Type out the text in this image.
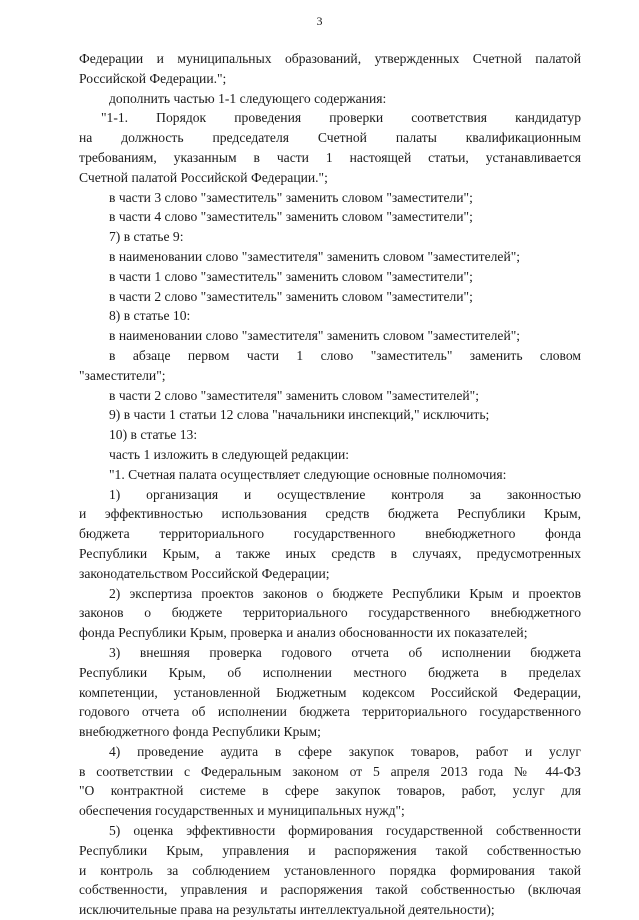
3
Федерации и муниципальных образований, утвержденных Счетной палатой
Российской Федерации.";
дополнить частью 1-1 следующего содержания:
"1-1. Порядок проведения проверки соответствия кандидатур
на должность председателя Счетной палаты квалификационным
требованиям, указанным в части 1 настоящей статьи, устанавливается
Счетной палатой Российской Федерации.";
в части 3 слово "заместитель" заменить словом "заместители";
в части 4 слово "заместитель" заменить словом "заместители";
7) в статье 9:
в наименовании слово "заместителя" заменить словом "заместителей";
в части 1 слово "заместитель" заменить словом "заместители";
в части 2 слово "заместитель" заменить словом "заместители";
8) в статье 10:
в наименовании слово "заместителя" заменить словом "заместителей";
в абзаце первом части 1 слово "заместитель" заменить словом
"заместители";
в части 2 слово "заместителя" заменить словом "заместителей";
9) в части 1 статьи 12 слова "начальники инспекций," исключить;
10) в статье 13:
часть 1 изложить в следующей редакции:
"1. Счетная палата осуществляет следующие основные полномочия:
1) организация и осуществление контроля за законностью
и эффективностью использования средств бюджета Республики Крым,
бюджета территориального государственного внебюджетного фонда
Республики Крым, а также иных средств в случаях, предусмотренных
законодательством Российской Федерации;
2) экспертиза проектов законов о бюджете Республики Крым и проектов
законов о бюджете территориального государственного внебюджетного
фонда Республики Крым, проверка и анализ обоснованности их показателей;
3) внешняя проверка годового отчета об исполнении бюджета
Республики Крым, об исполнении местного бюджета в пределах
компетенции, установленной Бюджетным кодексом Российской Федерации,
годового отчета об исполнении бюджета территориального государственного
внебюджетного фонда Республики Крым;
4) проведение аудита в сфере закупок товаров, работ и услуг
в соответствии с Федеральным законом от 5 апреля 2013 года № 44-ФЗ
"О контрактной системе в сфере закупок товаров, работ, услуг для
обеспечения государственных и муниципальных нужд";
5) оценка эффективности формирования государственной собственности
Республики Крым, управления и распоряжения такой собственностью
и контроль за соблюдением установленного порядка формирования такой
собственности, управления и распоряжения такой собственностью (включая
исключительные права на результаты интеллектуальной деятельности);
